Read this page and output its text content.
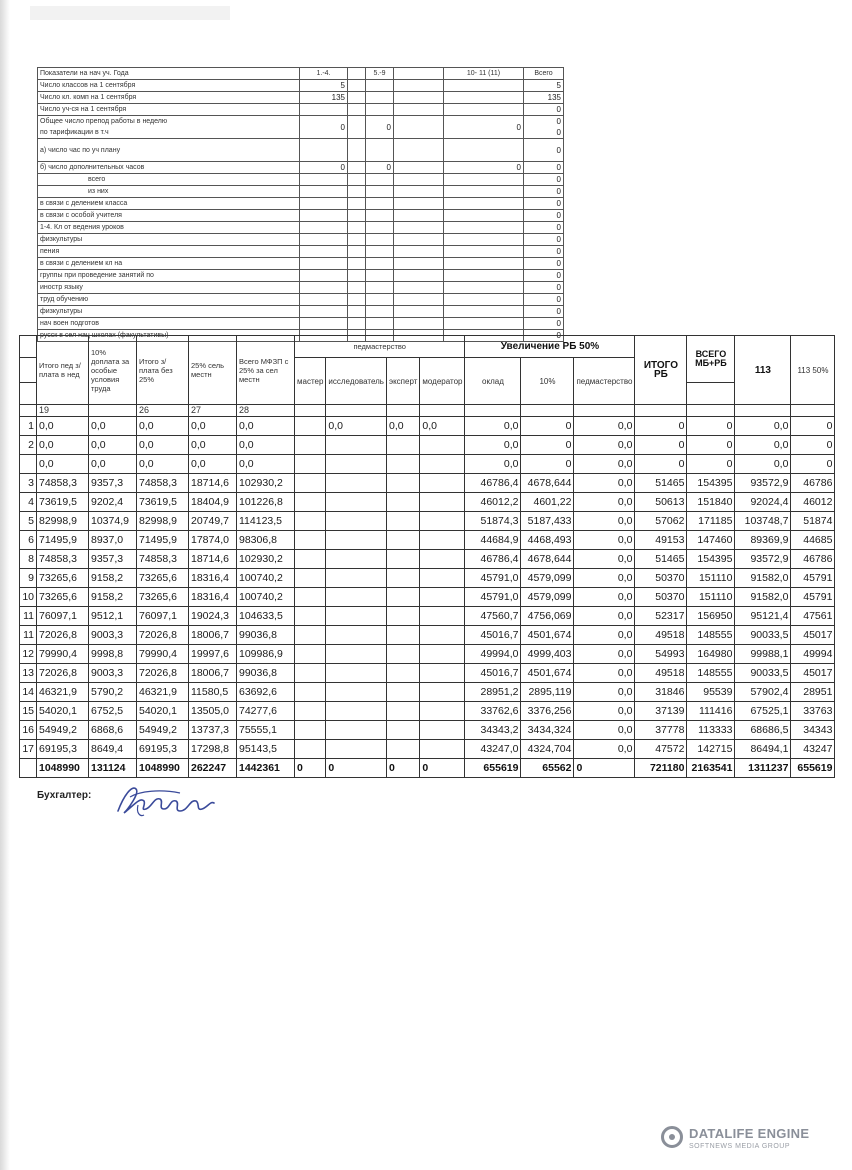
Показатели на нач уч. Года	1.-4.		5.-9		10- 11 (11)	Всего
Число классов на 1 сентября	5					5
Число кл. комп на 1 сентября	135					135
Число уч-ся на 1 сентября						0
Общее число препод работы в неделю
по тарификации в т.ч	0		0		0	0
0
а) число час по уч плану						0
б) число дополнительных часов	0		0		0	0
всего						0
из них						0
в связи с делением класса						0
в связи с особой учителя						0
1-4. Кл от ведения уроков						0
физкультуры						0
пения						0
в связи с делением кл на						0
группы при проведение занятий по						0
иностр языку						0
труд обучению						0
физкультуры						0
нач воен подготов						0
русск в сел нац школах (факультативы)						0
	Итого пед з/плата в нед	10% доплата за особые условия труда	Итого з/плата без 25%	25% сель местн	Всего МФЗП с 25% за сел местн	педмастерство				Увеличение РБ 50%			ИТОГО РБ	ВСЕГО МБ+РБ	113	113 50%
						мастер	исследователь	эксперт	модератор	оклад	10%	педмастерство				

	19		26	27	28											
1	0,0	0,0	0,0	0,0	0,0		0,0	0,0	0,0	0,0	0	0,0	0	0	0,0	0
2	0,0	0,0	0,0	0,0	0,0					0,0	0	0,0	0	0	0,0	0
	0,0	0,0	0,0	0,0	0,0					0,0	0	0,0	0	0	0,0	0
3	74858,3	9357,3	74858,3	18714,6	102930,2					46786,4	4678,644	0,0	51465	154395	93572,9	46786
4	73619,5	9202,4	73619,5	18404,9	101226,8					46012,2	4601,22	0,0	50613	151840	92024,4	46012
5	82998,9	10374,9	82998,9	20749,7	114123,5					51874,3	5187,433	0,0	57062	171185	103748,7	51874
6	71495,9	8937,0	71495,9	17874,0	98306,8					44684,9	4468,493	0,0	49153	147460	89369,9	44685
8	74858,3	9357,3	74858,3	18714,6	102930,2					46786,4	4678,644	0,0	51465	154395	93572,9	46786
9	73265,6	9158,2	73265,6	18316,4	100740,2					45791,0	4579,099	0,0	50370	151110	91582,0	45791
10	73265,6	9158,2	73265,6	18316,4	100740,2					45791,0	4579,099	0,0	50370	151110	91582,0	45791
11	76097,1	9512,1	76097,1	19024,3	104633,5					47560,7	4756,069	0,0	52317	156950	95121,4	47561
11	72026,8	9003,3	72026,8	18006,7	99036,8					45016,7	4501,674	0,0	49518	148555	90033,5	45017
12	79990,4	9998,8	79990,4	19997,6	109986,9					49994,0	4999,403	0,0	54993	164980	99988,1	49994
13	72026,8	9003,3	72026,8	18006,7	99036,8					45016,7	4501,674	0,0	49518	148555	90033,5	45017
14	46321,9	5790,2	46321,9	11580,5	63692,6					28951,2	2895,119	0,0	31846	95539	57902,4	28951
15	54020,1	6752,5	54020,1	13505,0	74277,6					33762,6	3376,256	0,0	37139	111416	67525,1	33763
16	54949,2	6868,6	54949,2	13737,3	75555,1					34343,2	3434,324	0,0	37778	113333	68686,5	34343
17	69195,3	8649,4	69195,3	17298,8	95143,5					43247,0	4324,704	0,0	47572	142715	86494,1	43247
	1048990	131124	1048990	262247	1442361	0	0	0	0	655619	65562	0	721180	2163541	1311237	655619
Бухгалтер:
DATALIFE ENGINE
SOFTNEWS MEDIA GROUP
